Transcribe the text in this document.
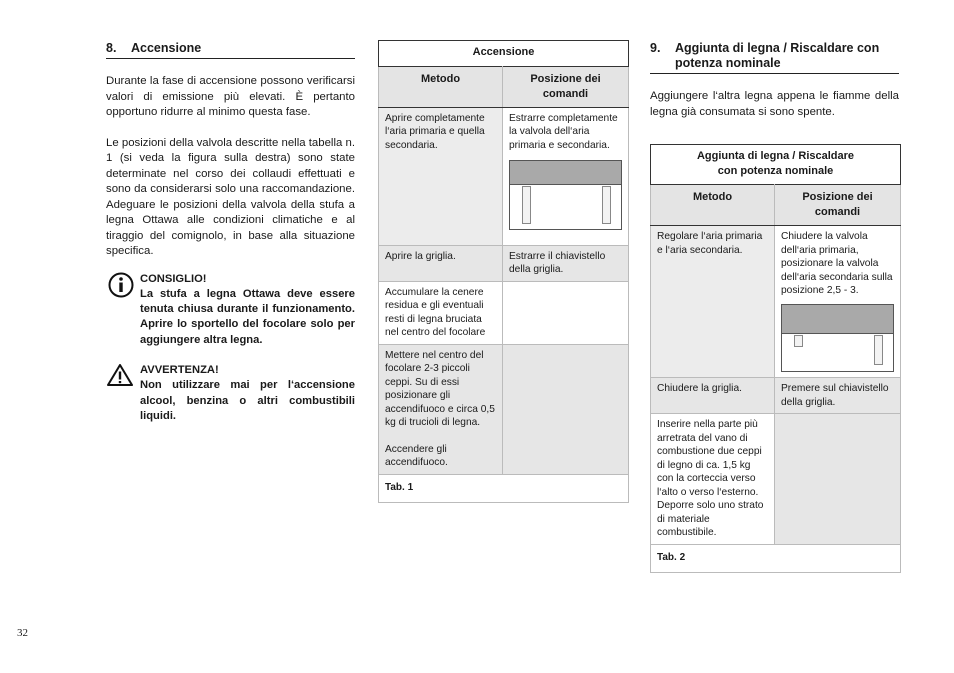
8.	Accensione

Durante la fase di accensione possono verificarsi valori di emissione più elevati. È pertanto opportuno ridurre al minimo questa fase.

Le posizioni della valvola descritte nella tabella n. 1 (si veda la figura sulla destra) sono state determinate nel corso dei collaudi effettuati e sono da considerarsi solo una raccomandazione. Adeguare le posizioni della valvola della stufa a legna Ottawa alle condizioni climatiche e al tiraggio del comignolo, in base alla situazione specifica.

CONSIGLIO!
La stufa a legna Ottawa deve essere tenuta chiusa durante il funzionamento. Aprire lo sportello del focolare solo per aggiungere altra legna.
AVVERTENZA!
Non utilizzare mai per l‘accensione alcool, benzina o altri combustibili liquidi.
Accensione	
Metodo	Posizione dei comandi
Aprire completamente l‘aria primaria e quella secondaria.	Estrarre completamente la valvola dell‘aria primaria e secondaria.

Aprire la griglia.	Estrarre il chiavistello della griglia.
Accumulare la cenere residua e gli eventuali resti di legna bruciata nel centro del focolare	

Mettere nel centro del focolare 2-3 piccoli ceppi. Su di essi posizionare gli accendifuoco e circa 0,5 kg di trucioli di legna.
Accendere gli accendifuoco.	

Tab. 1	
9.	Aggiunta di legna / Riscaldare con potenza nominale

Aggiungere l‘altra legna appena le fiamme della legna già consumata si sono spente.

Aggiunta di legna / Riscaldare
con potenza nominale	

Metodo	Posizione dei comandi
Regolare l‘aria primaria e l‘aria secondaria.	Chiudere la valvola dell‘aria primaria, posizionare la valvola dell‘aria secondaria sulla posizione 2,5 - 3.

Chiudere la griglia.	Premere sul chiavistello della griglia.
Inserire nella parte più arretrata del vano di combustione due ceppi di legno di ca. 1,5 kg con la corteccia verso l‘alto o verso l‘esterno. Deporre solo uno strato di materiale combustibile.	
Tab. 2	
32
